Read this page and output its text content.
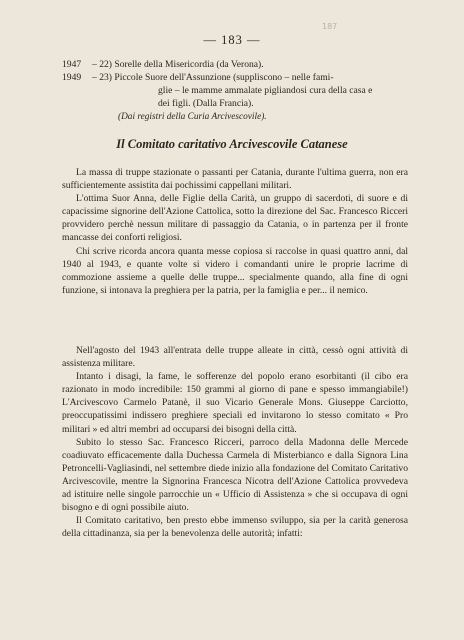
187
— 183 —
1947 – 22) Sorelle della Misericordia (da Verona).
1949 – 23) Piccole Suore dell'Assunzione (suppliscono – nelle fami-
glie – le mamme ammalate pigliandosi cura della casa e
dei figli. (Dalla Francia).
(Dai registri della Curia Arcivescovile).
Il Comitato caritativo Arcivescovile Catanese

La massa di truppe stazionate o passanti per Catania, durante l'ultima guerra, non era sufficientemente assistita dai pochissimi cappellani militari.

L'ottima Suor Anna, delle Figlie della Carità, un gruppo di sacerdoti, di suore e di capacissime signorine dell'Azione Cattolica, sotto la direzione del Sac. Francesco Ricceri provvidero perchè nessun militare di passaggio da Catania, o in partenza per il fronte mancasse dei conforti religiosi.

Chi scrive ricorda ancora quanta messe copiosa si raccolse in quasi quattro anni, dal 1940 al 1943, e quante volte si videro i comandanti unire le proprie lacrime di commozione assieme a quelle delle truppe... specialmente quando, alla fine di ogni funzione, si intonava la preghiera per la patria, per la famiglia e per... il nemico.

Nell'agosto del 1943 all'entrata delle truppe alleate in città, cessò ogni attività di assistenza militare.

Intanto i disagi, la fame, le sofferenze del popolo erano esorbitanti (il cibo era razionato in modo incredibile: 150 grammi al giorno di pane e spesso immangiabile!) L'Arcivescovo Carmelo Patanè, il suo Vicario Generale Mons. Giuseppe Carciotto, preoccupatissimi indissero preghiere speciali ed invitarono lo stesso comitato « Pro militari » ed altri membri ad occuparsi dei bisogni della città.

Subito lo stesso Sac. Francesco Ricceri, parroco della Madonna delle Mercede coadiuvato efficacemente dalla Duchessa Carmela di Misterbianco e dalla Signora Lina Petroncelli-Vagliasindi, nel settembre diede inizio alla fondazione del Comitato Caritativo Arcivescovile, mentre la Signorina Francesca Nicotra dell'Azione Cattolica provvedeva ad istituire nelle singole parrocchie un « Ufficio di Assistenza » che si occupava di ogni bisogno e di ogni possibile aiuto.

Il Comitato caritativo, ben presto ebbe immenso sviluppo, sia per la carità generosa della cittadinanza, sia per la benevolenza delle autorità; infatti:
